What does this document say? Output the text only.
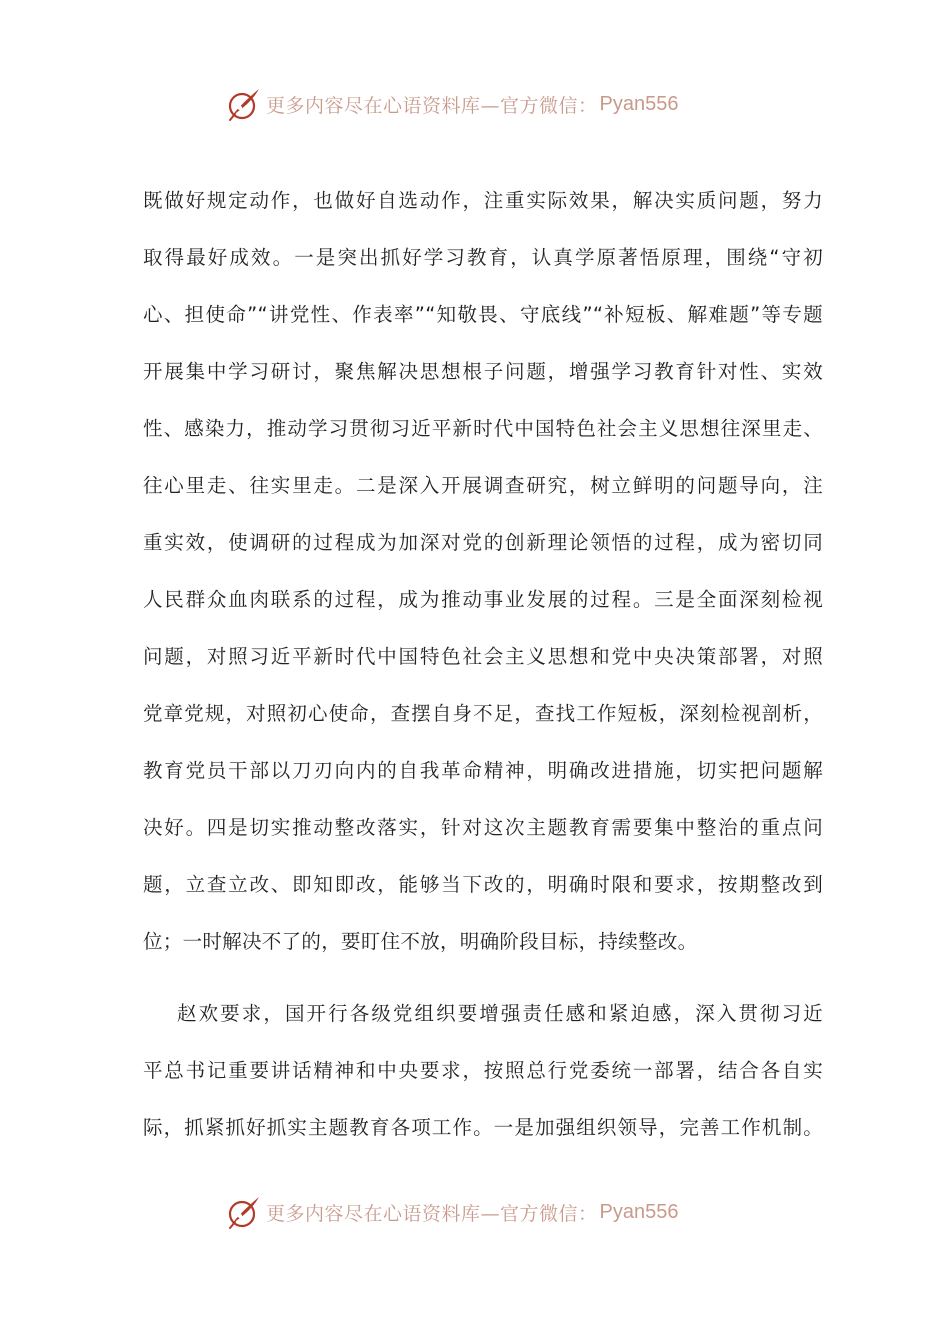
更多内容尽在心语资料库—官方微信： Pyan556
既做好规定动作，也做好自选动作，注重实际效果，解决实质问题，努力
取得最好成效。一是突出抓好学习教育，认真学原著悟原理，围绕“守初
心、担使命”“讲党性、作表率”“知敬畏、守底线”“补短板、解难题”等专题
开展集中学习研讨，聚焦解决思想根子问题，增强学习教育针对性、实效
性、感染力，推动学习贯彻习近平新时代中国特色社会主义思想往深里走、
往心里走、往实里走。二是深入开展调查研究，树立鲜明的问题导向，注
重实效，使调研的过程成为加深对党的创新理论领悟的过程，成为密切同
人民群众血肉联系的过程，成为推动事业发展的过程。三是全面深刻检视
问题，对照习近平新时代中国特色社会主义思想和党中央决策部署，对照
党章党规，对照初心使命，查摆自身不足，查找工作短板，深刻检视剖析，
教育党员干部以刀刃向内的自我革命精神，明确改进措施，切实把问题解
决好。四是切实推动整改落实，针对这次主题教育需要集中整治的重点问
题，立查立改、即知即改，能够当下改的，明确时限和要求，按期整改到
位；一时解决不了的，要盯住不放，明确阶段目标，持续整改。
赵欢要求，国开行各级党组织要增强责任感和紧迫感，深入贯彻习近
平总书记重要讲话精神和中央要求，按照总行党委统一部署，结合各自实
际，抓紧抓好抓实主题教育各项工作。一是加强组织领导，完善工作机制。
更多内容尽在心语资料库—官方微信： Pyan556
